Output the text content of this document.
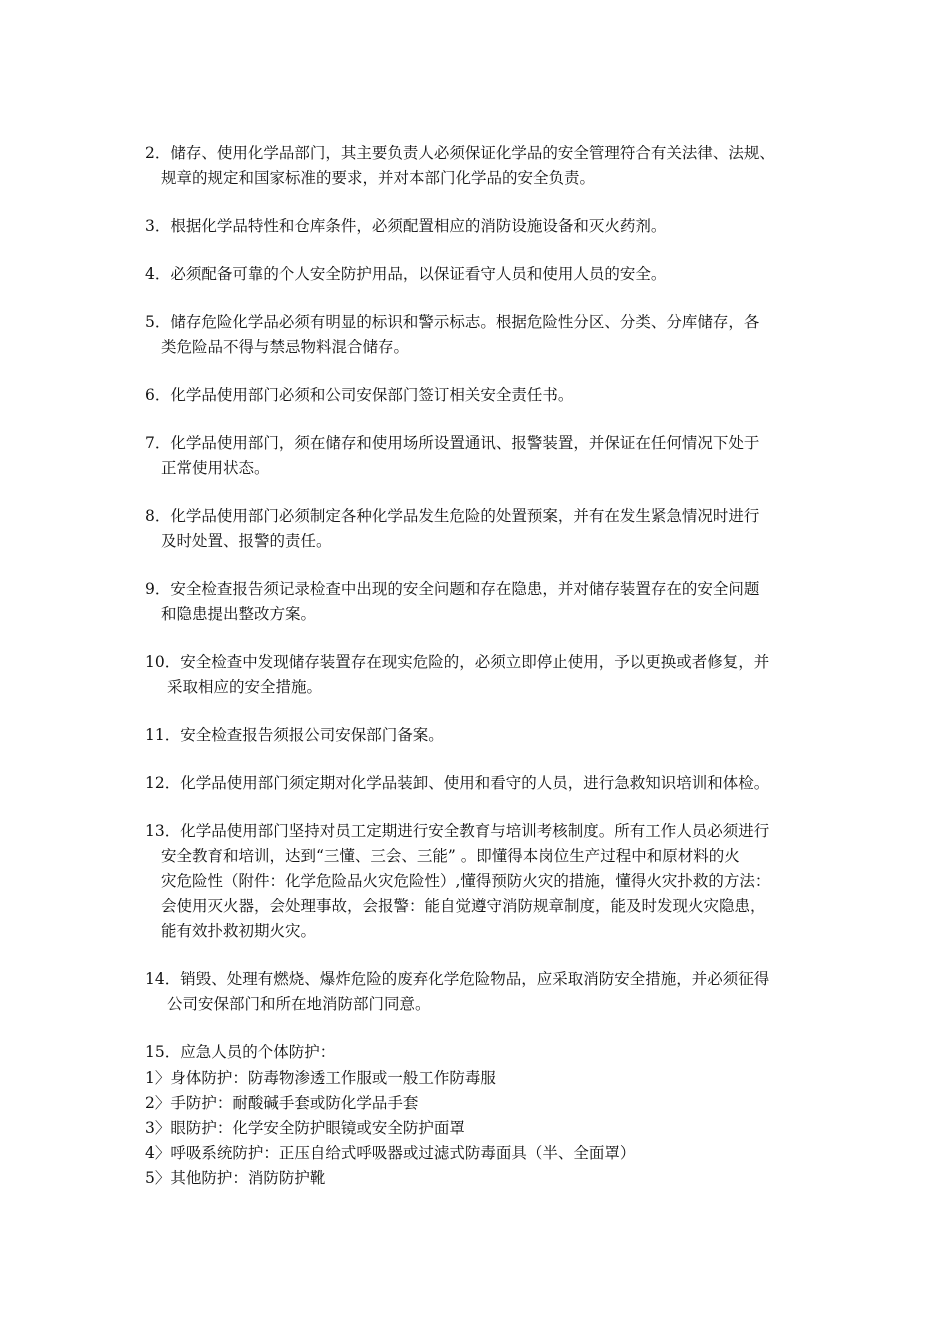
2．储存、使用化学品部门，其主要负责人必须保证化学品的安全管理符合有关法律、法规、
规章的规定和国家标准的要求，并对本部门化学品的安全负责。
3．根据化学品特性和仓库条件，必须配置相应的消防设施设备和灭火药剂。
4．必须配备可靠的个人安全防护用品，以保证看守人员和使用人员的安全。
5．储存危险化学品必须有明显的标识和警示标志。根据危险性分区、分类、分库储存，各
类危险品不得与禁忌物料混合储存。
6．化学品使用部门必须和公司安保部门签订相关安全责任书。
7．化学品使用部门，须在储存和使用场所设置通讯、报警装置，并保证在任何情况下处于
正常使用状态。
8．化学品使用部门必须制定各种化学品发生危险的处置预案，并有在发生紧急情况时进行
及时处置、报警的责任。
9．安全检查报告须记录检查中出现的安全问题和存在隐患，并对储存装置存在的安全问题
和隐患提出整改方案。
10．安全检查中发现储存装置存在现实危险的，必须立即停止使用，予以更换或者修复，并
采取相应的安全措施。
11．安全检查报告须报公司安保部门备案。
12．化学品使用部门须定期对化学品装卸、使用和看守的人员，进行急救知识培训和体检。
13．化学品使用部门坚持对员工定期进行安全教育与培训考核制度。所有工作人员必须进行
安全教育和培训，达到“三懂、三会、三能” 。即懂得本岗位生产过程中和原材料的火
灾危险性（附件：化学危险品火灾危险性）,懂得预防火灾的措施，懂得火灾扑救的方法：
会使用灭火器，会处理事故，会报警：能自觉遵守消防规章制度，能及时发现火灾隐患，
能有效扑救初期火灾。
14．销毁、处理有燃烧、爆炸危险的废弃化学危险物品，应采取消防安全措施，并必须征得
公司安保部门和所在地消防部门同意。
15．应急人员的个体防护：
1〉身体防护：防毒物渗透工作服或一般工作防毒服
2〉手防护：耐酸碱手套或防化学品手套
3〉眼防护：化学安全防护眼镜或安全防护面罩
4〉呼吸系统防护：正压自给式呼吸器或过滤式防毒面具（半、全面罩）
5〉其他防护：消防防护靴
